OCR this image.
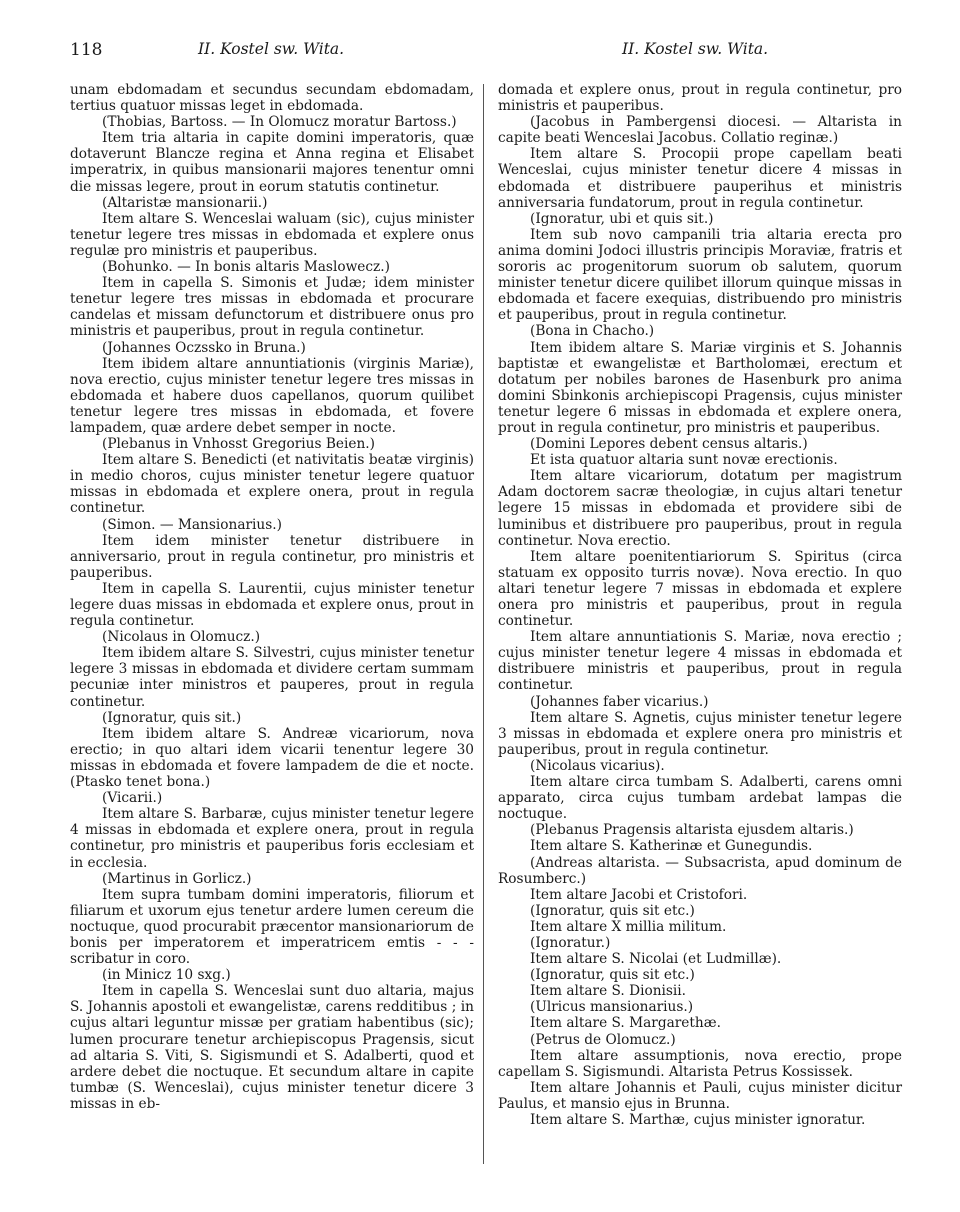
118	II. Kostel sw. Wita.	II. Kostel sw. Wita.

unam ebdomadam et secundus secundam ebdomadam, tertius quatuor missas leget in ebdomada.

(Thobias, Bartoss. — In Olomucz moratur Bartoss.)

Item tria altaria in capite domini imperatoris, quæ dotaverunt Blancze regina et Anna regina et Elisabet imperatrix, in quibus mansionarii majores tenentur omni die missas legere, prout in eorum statutis continetur.

(Altaristæ mansionarii.)

Item altare S. Wenceslai waluam (sic), cujus minister tenetur legere tres missas in ebdomada et explere onus regulæ pro ministris et pauperibus.

(Bohunko. — In bonis altaris Maslowecz.)

Item in capella S. Simonis et Judæ; idem minister tenetur legere tres missas in ebdomada et procurare candelas et missam defunctorum et distribuere onus pro ministris et pauperibus, prout in regula continetur.

(Johannes Oczssko in Bruna.)

Item ibidem altare annuntiationis (virginis Mariæ), nova erectio, cujus minister tenetur legere tres missas in ebdomada et habere duos capellanos, quorum quilibet tenetur legere tres missas in ebdomada, et fovere lampadem, quæ ardere debet semper in nocte.

(Plebanus in Vnhosst Gregorius Beien.)

Item altare S. Benedicti (et nativitatis beatæ virginis) in medio choros, cujus minister tenetur legere quatuor missas in ebdomada et explere onera, prout in regula continetur.

(Simon. — Mansionarius.)

Item idem minister tenetur distribuere in anniversario, prout in regula continetur, pro ministris et pauperibus.

Item in capella S. Laurentii, cujus minister tenetur legere duas missas in ebdomada et explere onus, prout in regula continetur.

(Nicolaus in Olomucz.)

Item ibidem altare S. Silvestri, cujus minister tenetur legere 3 missas in ebdomada et dividere certam summam pecuniæ inter ministros et pauperes, prout in regula continetur.

(Ignoratur, quis sit.)

Item ibidem altare S. Andreæ vicariorum, nova erectio; in quo altari idem vicarii tenentur legere 30 missas in ebdomada et fovere lampadem de die et nocte. (Ptasko tenet bona.)

(Vicarii.)

Item altare S. Barbaræ, cujus minister tenetur legere 4 missas in ebdomada et explere onera, prout in regula continetur, pro ministris et pauperibus foris ecclesiam et in ecclesia.

(Martinus in Gorlicz.)

Item supra tumbam domini imperatoris, filiorum et filiarum et uxorum ejus tenetur ardere lumen cereum die noctuque, quod procurabit præcentor mansionariorum de bonis per imperatorem et imperatricem emtis - - - scribatur in coro.

(in Minicz 10 sxg.)

Item in capella S. Wenceslai sunt duo altaria, majus S. Johannis apostoli et ewangelistæ, carens redditibus ; in cujus altari leguntur missæ per gratiam habentibus (sic); lumen procurare tenetur archiepiscopus Pragensis, sicut ad altaria S. Viti, S. Sigismundi et S. Adalberti, quod et ardere debet die noctuque. Et secundum altare in capite tumbæ (S. Wenceslai), cujus minister tenetur dicere 3 missas in eb-

domada et explere onus, prout in regula continetur, pro ministris et pauperibus.

(Jacobus in Pambergensi diocesi. — Altarista in capite beati Wenceslai Jacobus. Collatio reginæ.)

Item altare S. Procopii prope capellam beati Wenceslai, cujus minister tenetur dicere 4 missas in ebdomada et distribuere pauperihus et ministris anniversaria fundatorum, prout in regula continetur.

(Ignoratur, ubi et quis sit.)

Item sub novo campanili tria altaria erecta pro anima domini Jodoci illustris principis Moraviæ, fratris et sororis ac progenitorum suorum ob salutem, quorum minister tenetur dicere quilibet illorum quinque missas in ebdomada et facere exequias, distribuendo pro ministris et pauperibus, prout in regula continetur.

(Bona in Chacho.)

Item ibidem altare S. Mariæ virginis et S. Johannis baptistæ et ewangelistæ et Bartholomæi, erectum et dotatum per nobiles barones de Hasenburk pro anima domini Sbinkonis archiepiscopi Pragensis, cujus minister tenetur legere 6 missas in ebdomada et explere onera, prout in regula continetur, pro ministris et pauperibus.

(Domini Lepores debent census altaris.)

Et ista quatuor altaria sunt novæ erectionis.

Item altare vicariorum, dotatum per magistrum Adam doctorem sacræ theologiæ, in cujus altari tenetur legere 15 missas in ebdomada et providere sibi de luminibus et distribuere pro pauperibus, prout in regula continetur. Nova erectio.

Item altare poenitentiariorum S. Spiritus (circa statuam ex opposito turris novæ). Nova erectio. In quo altari tenetur legere 7 missas in ebdomada et explere onera pro ministris et pauperibus, prout in regula continetur.

Item altare annuntiationis S. Mariæ, nova erectio ; cujus minister tenetur legere 4 missas in ebdomada et distribuere ministris et pauperibus, prout in regula continetur.

(Johannes faber vicarius.)

Item altare S. Agnetis, cujus minister tenetur legere 3 missas in ebdomada et explere onera pro ministris et pauperibus, prout in regula continetur.

(Nicolaus vicarius).

Item altare circa tumbam S. Adalberti, carens omni apparato, circa cujus tumbam ardebat lampas die noctuque.

(Plebanus Pragensis altarista ejusdem altaris.)

Item altare S. Katherinæ et Gunegundis.

(Andreas altarista. — Subsacrista, apud dominum de Rosumberc.)

Item altare Jacobi et Cristofori.

(Ignoratur, quis sit etc.)

Item altare X millia militum.

(Ignoratur.)

Item altare S. Nicolai (et Ludmillæ).

(Ignoratur, quis sit etc.)

Item altare S. Dionisii.

(Ulricus mansionarius.)

Item altare S. Margarethæ.

(Petrus de Olomucz.)

Item altare assumptionis, nova erectio, prope capellam S. Sigismundi. Altarista Petrus Kossissek.

Item altare Johannis et Pauli, cujus minister dicitur Paulus, et mansio ejus in Brunna.

Item altare S. Marthæ, cujus minister ignoratur.
